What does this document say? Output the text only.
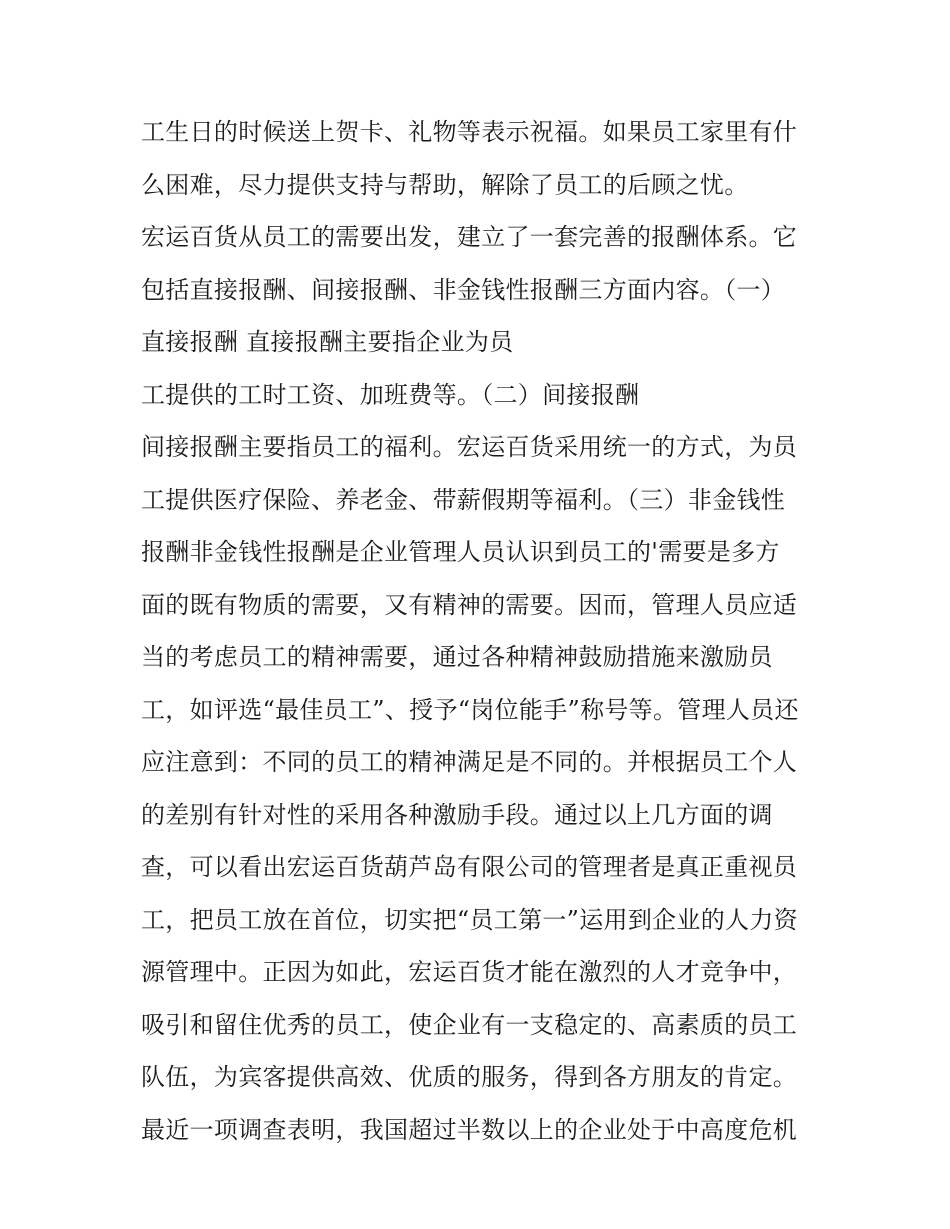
工生日的时候送上贺卡、礼物等表示祝福。如果员工家里有什
么困难，尽力提供支持与帮助，解除了员工的后顾之忧。
宏运百货从员工的需要出发，建立了一套完善的报酬体系。它
包括直接报酬、间接报酬、非金钱性报酬三方面内容。（一）
直接报酬 直接报酬主要指企业为员
工提供的工时工资、加班费等。（二）间接报酬
间接报酬主要指员工的福利。宏运百货采用统一的方式，为员
工提供医疗保险、养老金、带薪假期等福利。（三）非金钱性
报酬非金钱性报酬是企业管理人员认识到员工的'需要是多方
面的既有物质的需要，又有精神的需要。因而，管理人员应适
当的考虑员工的精神需要，通过各种精神鼓励措施来激励员
工，如评选“最佳员工”、授予“岗位能手”称号等。管理人员还
应注意到：不同的员工的精神满足是不同的。并根据员工个人
的差别有针对性的采用各种激励手段。通过以上几方面的调
查，可以看出宏运百货葫芦岛有限公司的管理者是真正重视员
工，把员工放在首位，切实把“员工第一”运用到企业的人力资
源管理中。正因为如此，宏运百货才能在激烈的人才竞争中，
吸引和留住优秀的员工，使企业有一支稳定的、高素质的员工
队伍，为宾客提供高效、优质的服务，得到各方朋友的肯定。
最近一项调查表明，我国超过半数以上的企业处于中高度危机
